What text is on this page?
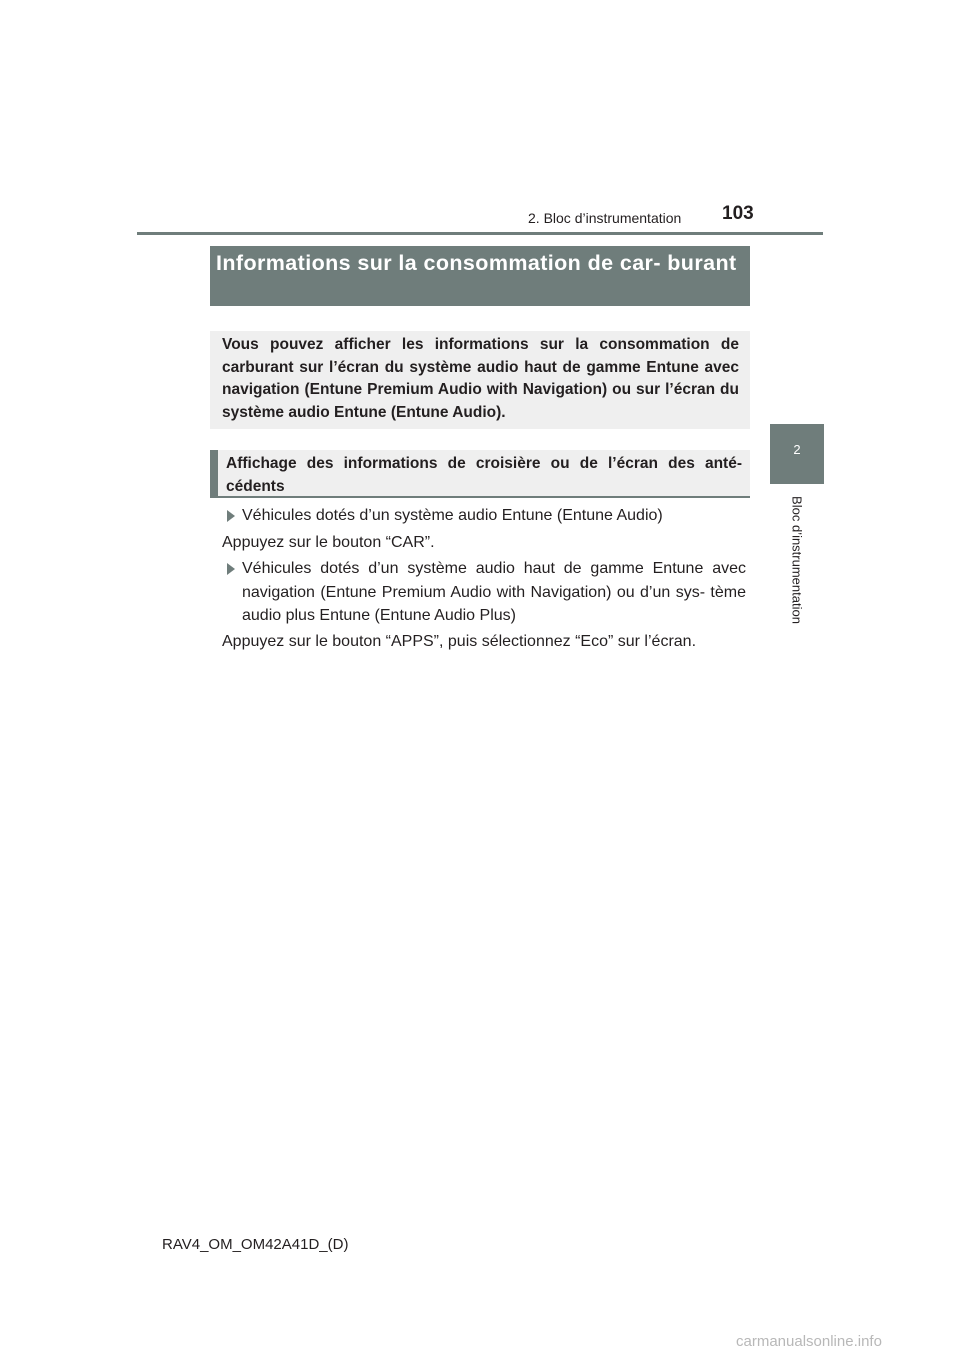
2. Bloc d’instrumentation 103
2
Bloc d’instrumentation
Informations sur la consommation de car- burant
Vous pouvez afficher les informations sur la consommation de carburant sur l’écran du système audio haut de gamme Entune avec navigation (Entune Premium Audio with Navigation) ou sur l’écran du système audio Entune (Entune Audio).
Affichage des informations de croisière ou de l’écran des anté- cédents
Véhicules dotés d’un système audio Entune (Entune Audio)
Appuyez sur le bouton “CAR”.
Véhicules dotés d’un système audio haut de gamme Entune avec navigation (Entune Premium Audio with Navigation) ou d’un sys- tème audio plus Entune (Entune Audio Plus)
Appuyez sur le bouton “APPS”, puis sélectionnez “Eco” sur l’écran.
RAV4_OM_OM42A41D_(D)
carmanualsonline.info
